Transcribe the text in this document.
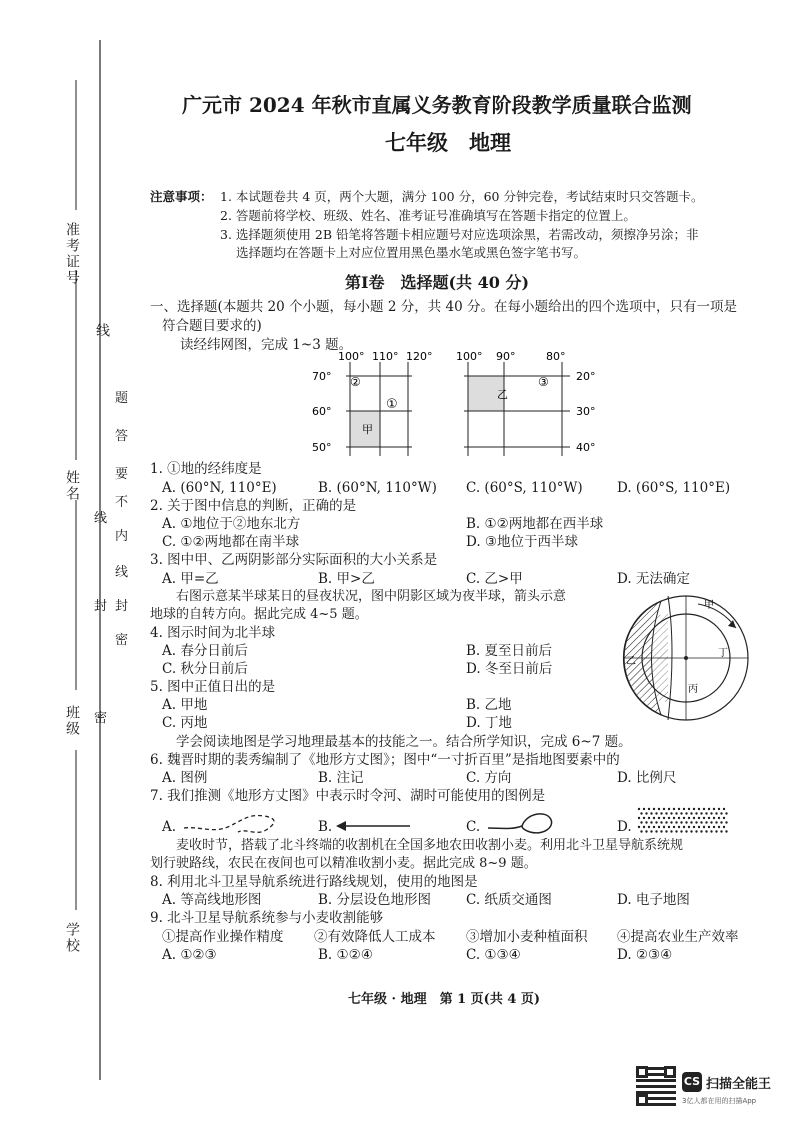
准考证号
姓名
班级
学校
线
题
答
要
不
内
线
封
密
线
封
密
广元市 2024 年秋市直属义务教育阶段教学质量联合监测
七年级　地理
注意事项： 1. 本试题卷共 4 页，两个大题，满分 100 分，60 分钟完卷，考试结束时只交答题卡。
2. 答题前将学校、班级、姓名、准考证号准确填写在答题卡指定的位置上。
3. 选择题须使用 2B 铅笔将答题卡相应题号对应选项涂黑，若需改动，须擦净另涂；非
选择题均在答题卡上对应位置用黑色墨水笔或黑色签字笔书写。
第Ⅰ卷　选择题(共 40 分)
一、选择题(本题共 20 个小题，每小题 2 分，共 40 分。在每小题给出的四个选项中，只有一项是
符合题目要求的)
读经纬网图，完成 1~3 题。
100° 110° 120°
70°
60°
50°
②
①
甲
100° 90°	80°
20°
30°
40°
乙
③
1. ①地的经纬度是
A. (60°N, 110°E)	B. (60°N, 110°W) C. (60°S, 110°W)	D. (60°S, 110°E)
2. 关于图中信息的判断，正确的是
A. ①地位于②地东北方	B. ①②两地都在西半球
C. ①②两地都在南半球	D. ③地位于西半球
3. 图中甲、乙两阴影部分实际面积的大小关系是
A. 甲=乙	B. 甲>乙	C. 乙>甲	D. 无法确定
右图示意某半球某日的昼夜状况，图中阴影区域为夜半球，箭头示意
地球的自转方向。据此完成 4~5 题。
甲
乙
丙
丁
4. 图示时间为北半球
A. 春分日前后	B. 夏至日前后
C. 秋分日前后	D. 冬至日前后
5. 图中正值日出的是
A. 甲地	B. 乙地
C. 丙地	D. 丁地
学会阅读地图是学习地理最基本的技能之一。结合所学知识，完成 6~7 题。
6. 魏晋时期的裴秀编制了《地形方丈图》；图中“一寸折百里”是指地图要素中的
A. 图例	B. 注记	C. 方向	D. 比例尺
7. 我们推测《地形方丈图》中表示时令河、湖时可能使用的图例是
A.	B.	C.	D.
麦收时节，搭载了北斗终端的收割机在全国多地农田收割小麦。利用北斗卫星导航系统规
划行驶路线，农民在夜间也可以精准收割小麦。据此完成 8~9 题。
8. 利用北斗卫星导航系统进行路线规划，使用的地图是
A. 等高线地形图	B. 分层设色地形图	C. 纸质交通图	D. 电子地图
9. 北斗卫星导航系统参与小麦收割能够
①提高作业操作精度 ②有效降低人工成本 ③增加小麦种植面积 ④提高农业生产效率
A. ①②③	B. ①②④	C. ①③④	D. ②③④
七年级 · 地理　第 1 页(共 4 页)
CS 扫描全能王
3亿人都在用的扫描App
